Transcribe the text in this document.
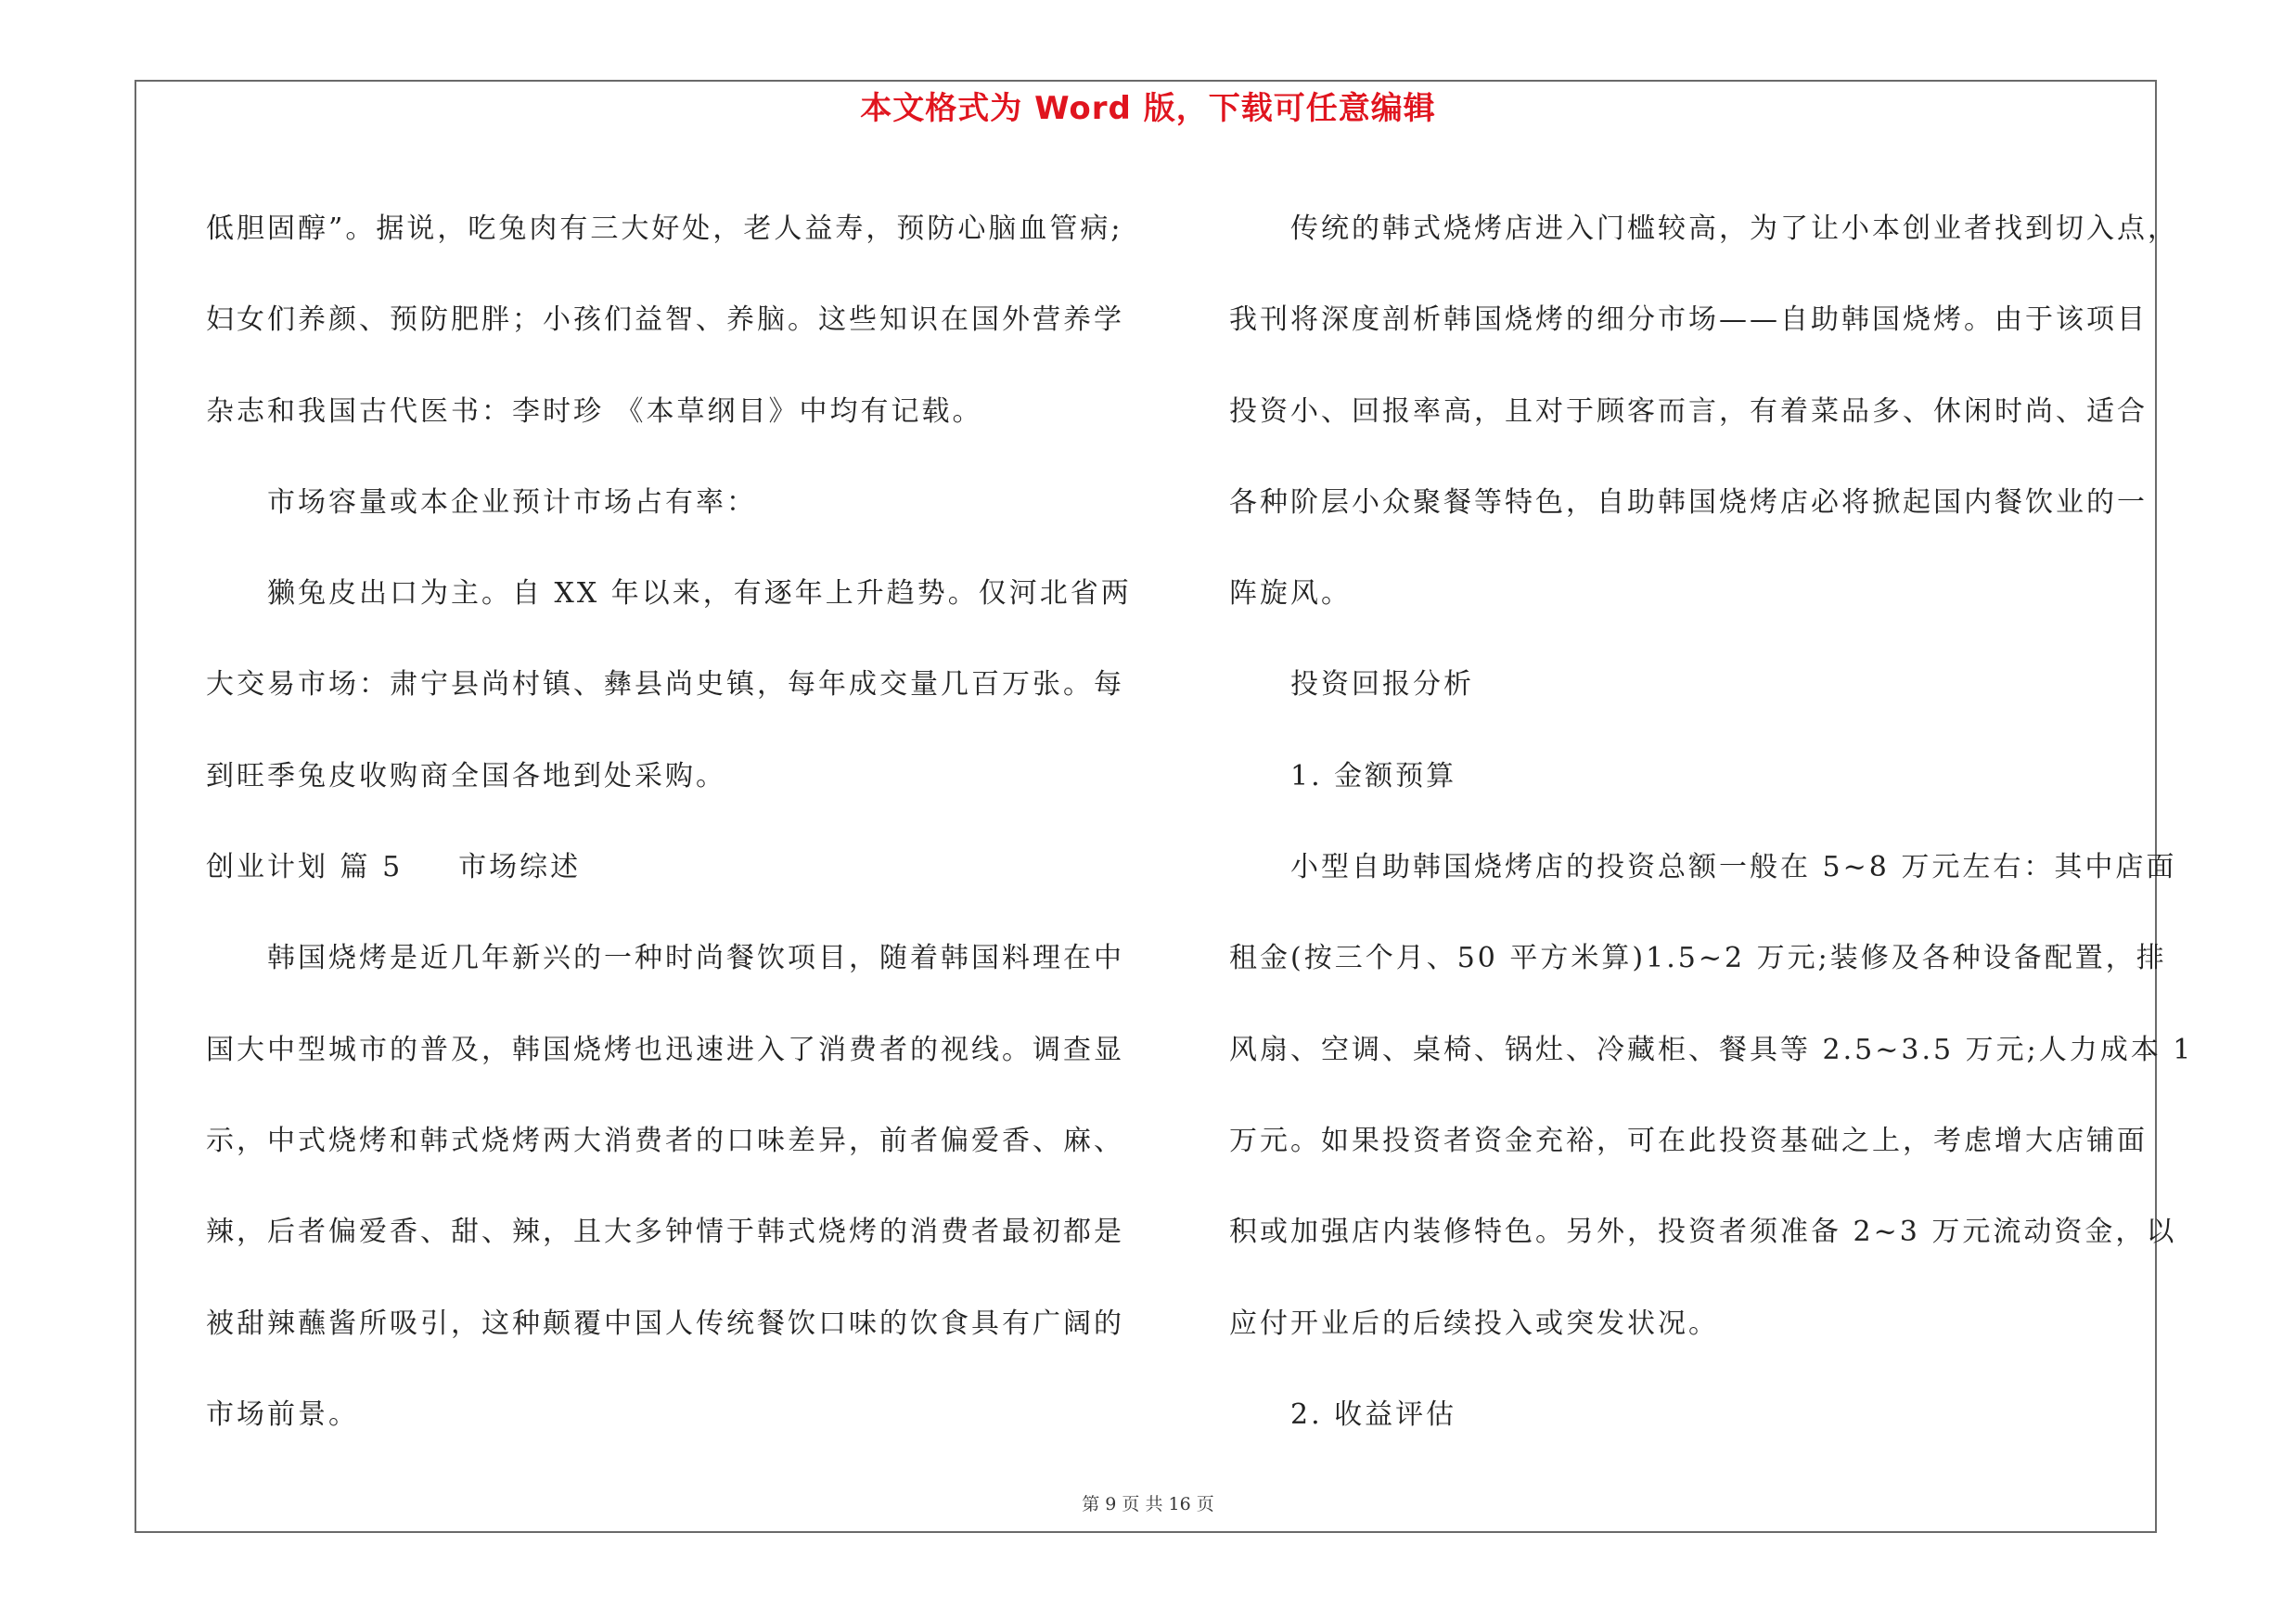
本文格式为 Word 版，下载可任意编辑
低胆固醇”。据说，吃兔肉有三大好处，老人益寿，预防心脑血管病;
妇女们养颜、预防肥胖；小孩们益智、养脑。这些知识在国外营养学
杂志和我国古代医书：李时珍 《本草纲目》中均有记载。
市场容量或本企业预计市场占有率：
獭兔皮出口为主。自 XX 年以来，有逐年上升趋势。仅河北省两
大交易市场：肃宁县尚村镇、彝县尚史镇，每年成交量几百万张。每
到旺季兔皮收购商全国各地到处采购。
创业计划 篇 5 市场综述
韩国烧烤是近几年新兴的一种时尚餐饮项目，随着韩国料理在中
国大中型城市的普及，韩国烧烤也迅速进入了消费者的视线。调查显
示，中式烧烤和韩式烧烤两大消费者的口味差异，前者偏爱香、麻、
辣，后者偏爱香、甜、辣，且大多钟情于韩式烧烤的消费者最初都是
被甜辣蘸酱所吸引，这种颠覆中国人传统餐饮口味的饮食具有广阔的
市场前景。
传统的韩式烧烤店进入门槛较高，为了让小本创业者找到切入点，
我刊将深度剖析韩国烧烤的细分市场——自助韩国烧烤。由于该项目
投资小、回报率高，且对于顾客而言，有着菜品多、休闲时尚、适合
各种阶层小众聚餐等特色，自助韩国烧烤店必将掀起国内餐饮业的一
阵旋风。
投资回报分析
1. 金额预算
小型自助韩国烧烤店的投资总额一般在 5~8 万元左右：其中店面
租金(按三个月、50 平方米算)1.5~2 万元;装修及各种设备配置，排
风扇、空调、桌椅、锅灶、冷藏柜、餐具等 2.5~3.5 万元;人力成本 1
万元。如果投资者资金充裕，可在此投资基础之上，考虑增大店铺面
积或加强店内装修特色。另外，投资者须准备 2~3 万元流动资金，以
应付开业后的后续投入或突发状况。
2. 收益评估
第 9 页 共 16 页
